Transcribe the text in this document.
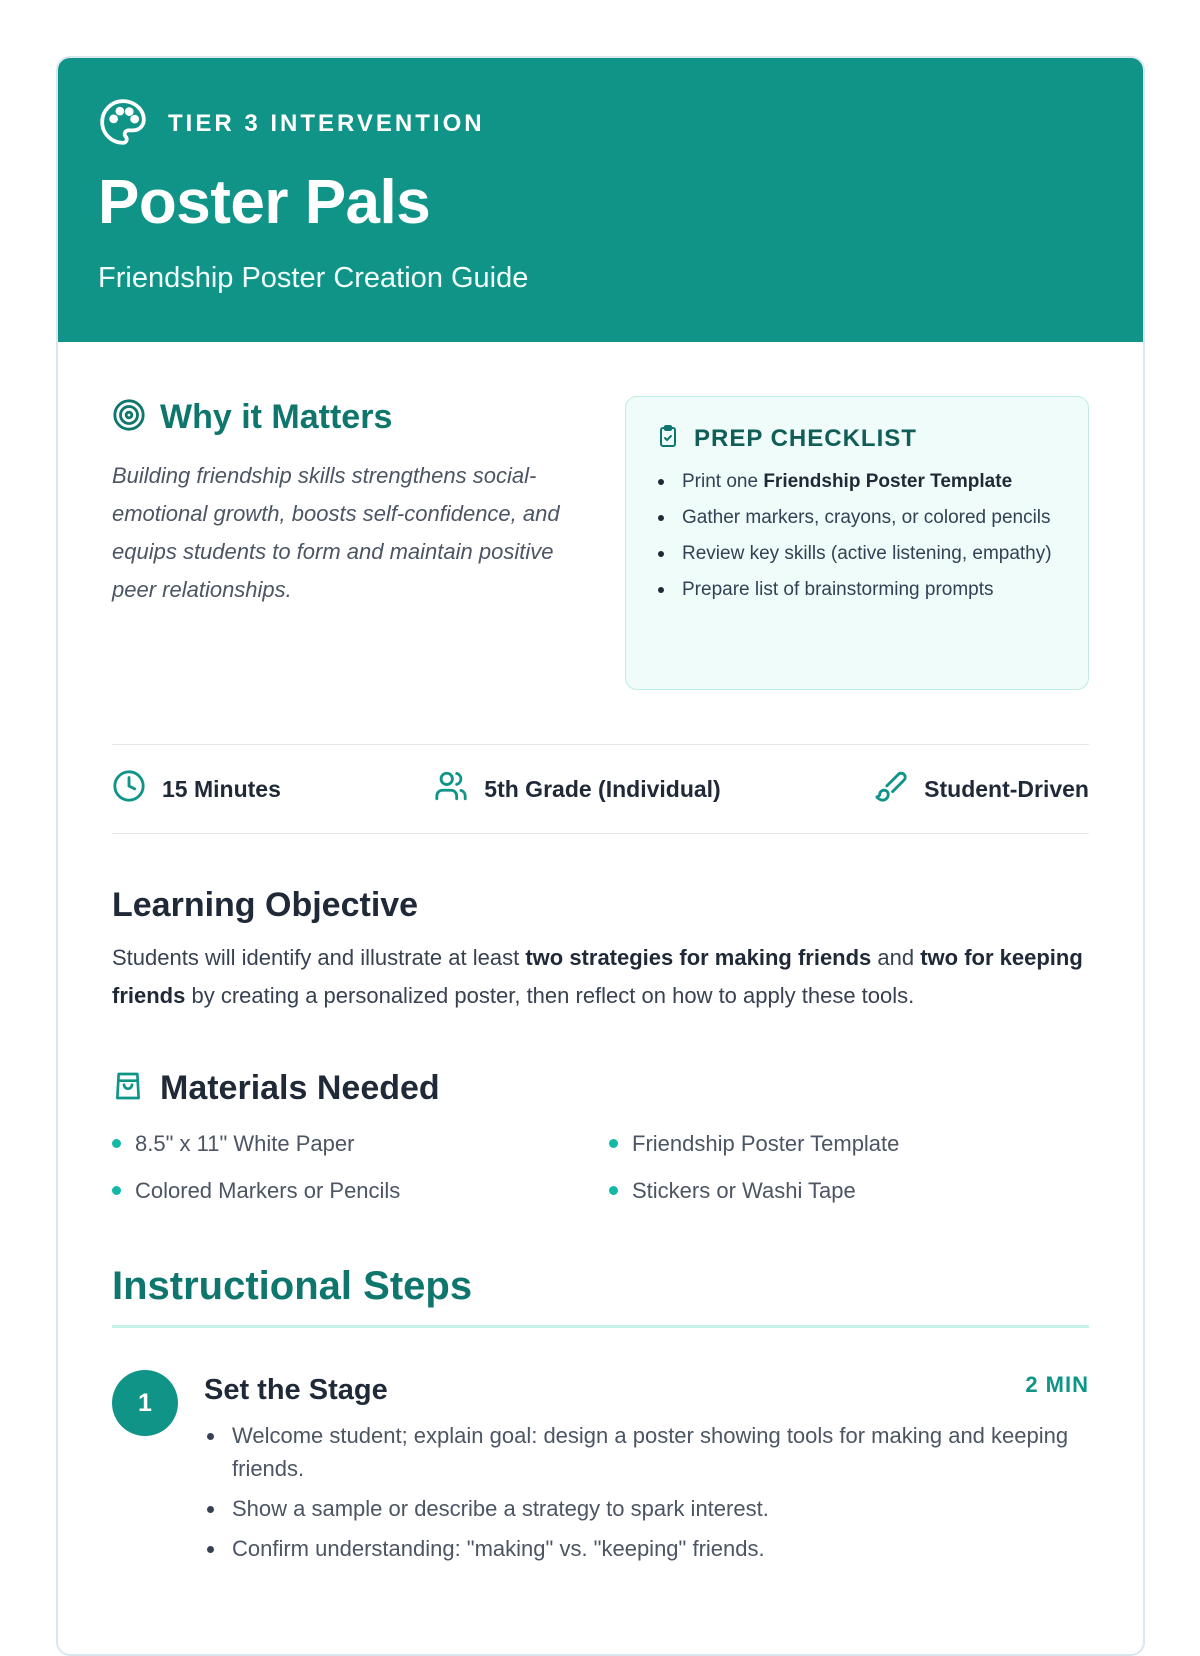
TIER 3 INTERVENTION
Poster Pals
Friendship Poster Creation Guide
Why it Matters

Building friendship skills strengthens social-emotional growth, boosts self-confidence, and equips students to form and maintain positive peer relationships.

PREP CHECKLIST
Print one Friendship Poster Template
Gather markers, crayons, or colored pencils
Review key skills (active listening, empathy)
Prepare list of brainstorming prompts
15 Minutes	5th Grade (Individual)	Student-Driven
Learning Objective

Students will identify and illustrate at least two strategies for making friends and two for keeping friends by creating a personalized poster, then reflect on how to apply these tools.

Materials Needed
8.5" x 11" White Paper	Friendship Poster Template
Colored Markers or Pencils	Stickers or Washi Tape
Instructional Steps
1	Set the Stage	2 MIN
Welcome student; explain goal: design a poster showing tools for making and keeping friends.
Show a sample or describe a strategy to spark interest.
Confirm understanding: "making" vs. "keeping" friends.
